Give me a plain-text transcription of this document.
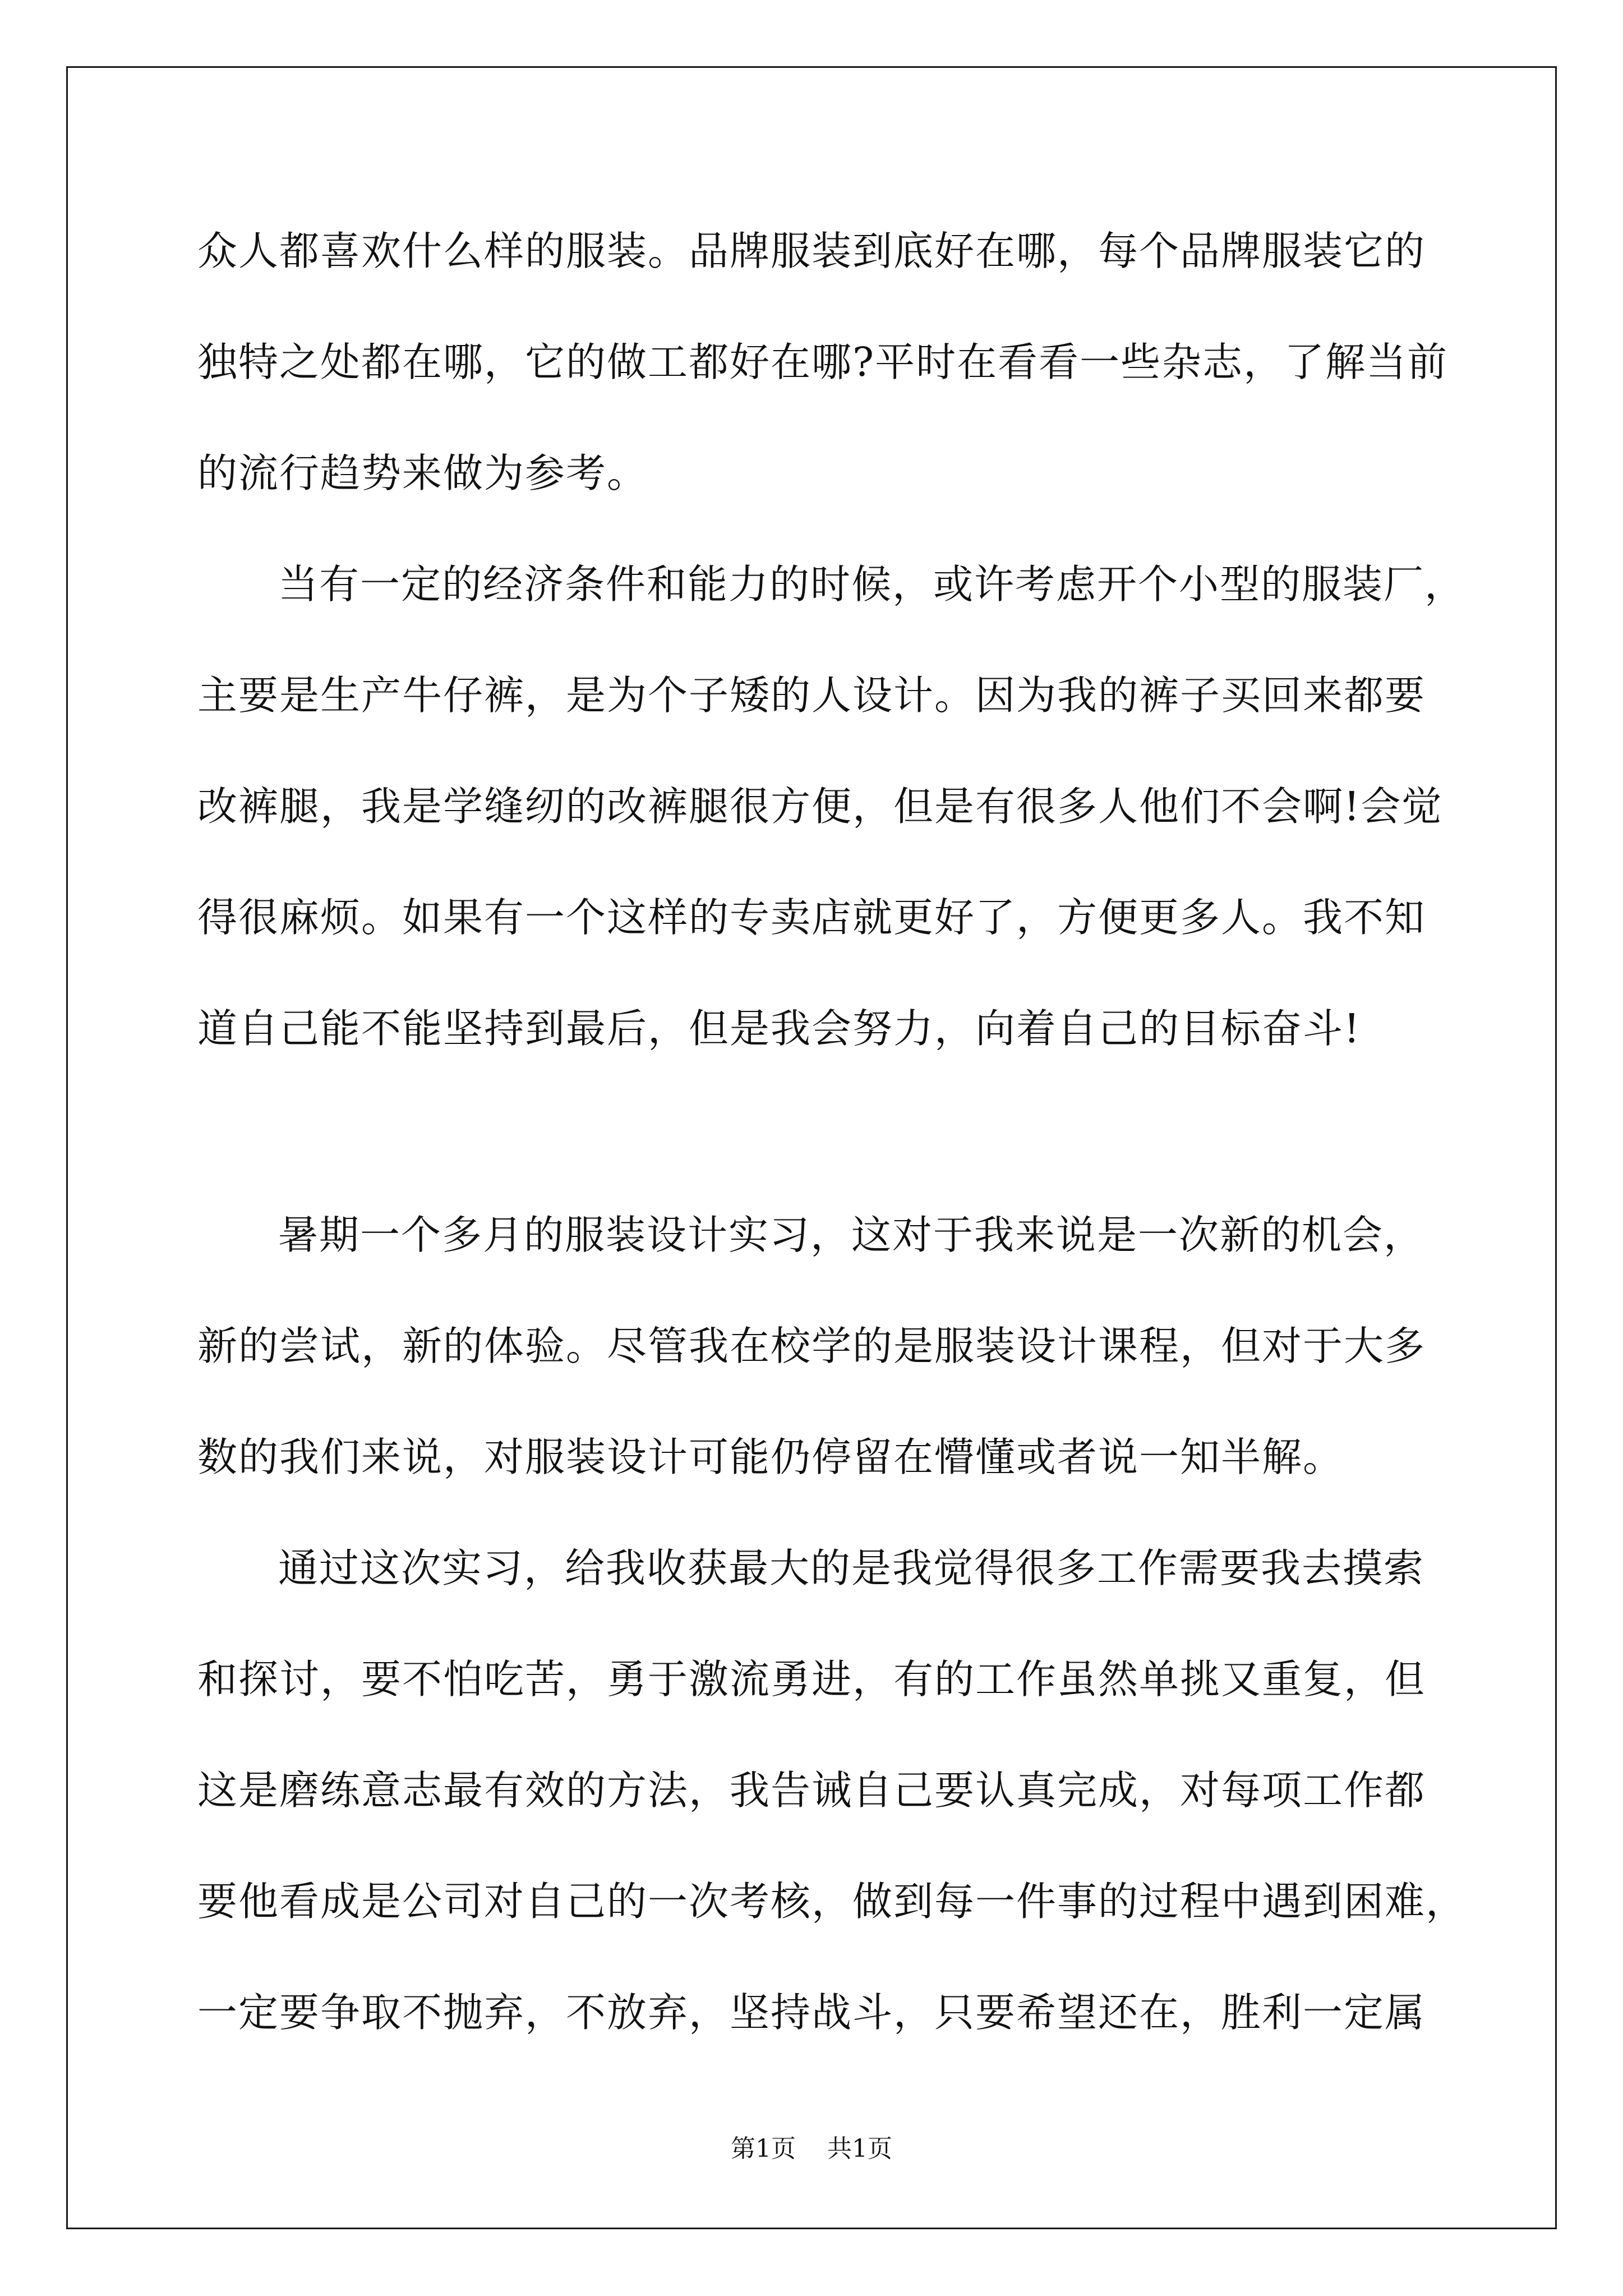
众人都喜欢什么样的服装。品牌服装到底好在哪，每个品牌服装它的

独特之处都在哪，它的做工都好在哪?平时在看看一些杂志，了解当前

的流行趋势来做为参考。

当有一定的经济条件和能力的时候，或许考虑开个小型的服装厂，

主要是生产牛仔裤，是为个子矮的人设计。因为我的裤子买回来都要

改裤腿，我是学缝纫的改裤腿很方便，但是有很多人他们不会啊!会觉

得很麻烦。如果有一个这样的专卖店就更好了，方便更多人。我不知

道自己能不能坚持到最后，但是我会努力，向着自己的目标奋斗!

暑期一个多月的服装设计实习，这对于我来说是一次新的机会，

新的尝试，新的体验。尽管我在校学的是服装设计课程，但对于大多

数的我们来说，对服装设计可能仍停留在懵懂或者说一知半解。

通过这次实习，给我收获最大的是我觉得很多工作需要我去摸索

和探讨，要不怕吃苦，勇于激流勇进，有的工作虽然单挑又重复，但

这是磨练意志最有效的方法，我告诫自己要认真完成，对每项工作都

要他看成是公司对自己的一次考核，做到每一件事的过程中遇到困难，

一定要争取不抛弃，不放弃，坚持战斗，只要希望还在，胜利一定属

第1页    共1页
